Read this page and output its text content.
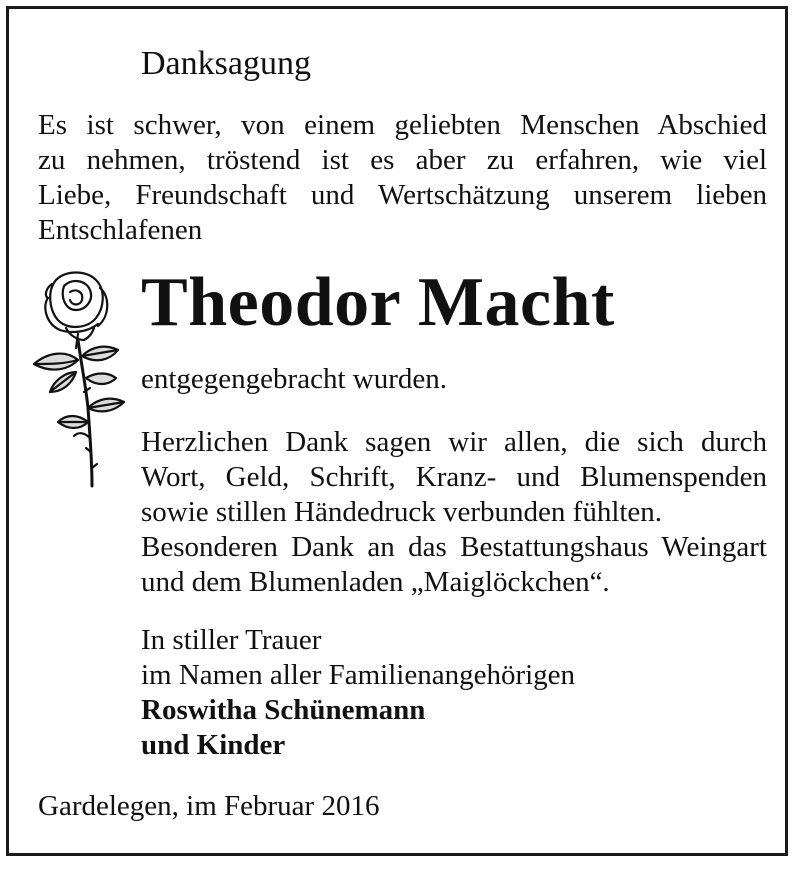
Danksagung

Es ist schwer, von einem geliebten Menschen Abschied

zu nehmen, tröstend ist es aber zu erfahren, wie viel

Liebe, Freundschaft und Wertschätzung unserem lieben

Entschlafenen

Theodor Macht

entgegengebracht wurden.

Herzlichen Dank sagen wir allen, die sich durch

Wort, Geld, Schrift, Kranz- und Blumenspenden

sowie stillen Händedruck verbunden fühlten.

Besonderen Dank an das Bestattungshaus Weingart

und dem Blumenladen „Maiglöckchen“.

In stiller Trauer

im Namen aller Familienangehörigen

Roswitha Schünemann

und Kinder

Gardelegen, im Februar 2016
